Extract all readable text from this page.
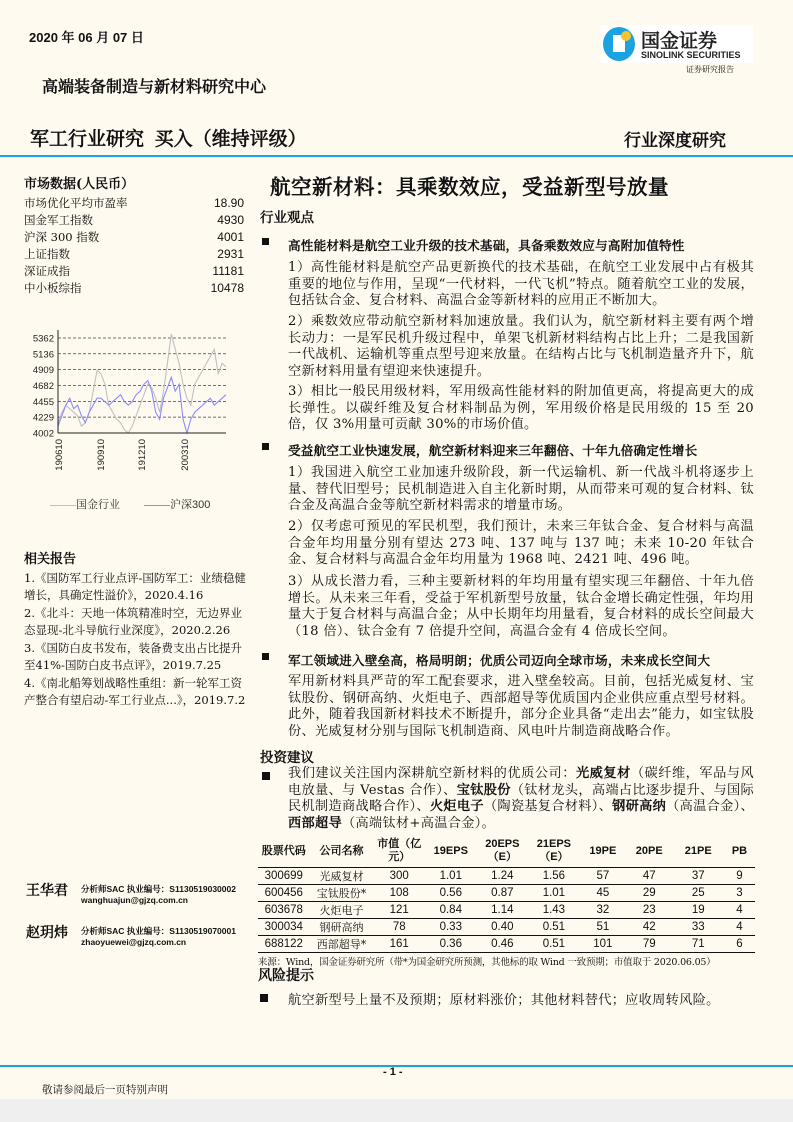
2020 年 06 月 07 日	国金证券
SINOLINK SECURITIES
证券研究报告
高端装备制造与新材料研究中心
军工行业研究 买入（维持评级）	行业深度研究
市场数据(人民币）
市场优化平均市盈率	18.90
国金军工指数	4930
沪深 300 指数	4001
上证指数	2931
深证成指	11181
中小板综指	10478
5362
5136
4909
4682
4455
4229
4002
190610	190910	191210	200310
国金行业	沪深300
相关报告
1.《国防军工行业点评-国防军工：业绩稳健增长，具确定性溢价》，2020.4.16
2.《北斗：天地一体筑精准时空，无边界业态显现-北斗导航行业深度》，2020.2.26
3.《国防白皮书发布，装备费支出占比提升至41%-国防白皮书点评》，2019.7.25
4.《南北船筹划战略性重组：新一轮军工资产整合有望启动-军工行业点...》，2019.7.2
王华君 分析师SAC 执业编号：S1130519030002
wanghuajun@gjzq.com.cn
赵玥炜 分析师SAC 执业编号：S1130519070001
zhaoyuewei@gjzq.com.cn
航空新材料：具乘数效应，受益新型号放量
行业观点
高性能材料是航空工业升级的技术基础，具备乘数效应与高附加值特性
1）高性能材料是航空产品更新换代的技术基础，在航空工业发展中占有极其重要的地位与作用，呈现“一代材料，一代飞机”特点。随着航空工业的发展，包括钛合金、复合材料、高温合金等新材料的应用正不断加大。
2）乘数效应带动航空新材料加速放量。我们认为，航空新材料主要有两个增长动力：一是军民机升级过程中，单架飞机新材料结构占比上升；二是我国新一代战机、运输机等重点型号迎来放量。在结构占比与飞机制造量齐升下，航空新材料用量有望迎来快速提升。
3）相比一般民用级材料，军用级高性能材料的附加值更高，将提高更大的成长弹性。以碳纤维及复合材料制品为例，军用级价格是民用级的 15 至 20 倍，仅 3%用量可贡献 30%的市场价值。
受益航空工业快速发展，航空新材料迎来三年翻倍、十年九倍确定性增长
1）我国进入航空工业加速升级阶段，新一代运输机、新一代战斗机将逐步上量、替代旧型号；民机制造进入自主化新时期，从而带来可观的复合材料、钛合金及高温合金等航空新材料需求的增量市场。
2）仅考虑可预见的军民机型，我们预计，未来三年钛合金、复合材料与高温合金年均用量分别有望达 273 吨、137 吨与 137 吨；未来 10-20 年钛合金、复合材料与高温合金年均用量为 1968 吨、2421 吨、496 吨。
3）从成长潜力看，三种主要新材料的年均用量有望实现三年翻倍、十年九倍增长。从未来三年看，受益于军机新型号放量，钛合金增长确定性强，年均用量大于复合材料与高温合金；从中长期年均用量看，复合材料的成长空间最大（18 倍）、钛合金有 7 倍提升空间，高温合金有 4 倍成长空间。
军工领域进入壁垒高，格局明朗；优质公司迈向全球市场，未来成长空间大
军用新材料具严苛的军工配套要求，进入壁垒较高。目前，包括光威复材、宝钛股份、钢研高纳、火炬电子、西部超导等优质国内企业供应重点型号材料。此外，随着我国新材料技术不断提升，部分企业具备“走出去”能力，如宝钛股份、光威复材分别与国际飞机制造商、风电叶片制造商战略合作。
投资建议
我们建议关注国内深耕航空新材料的优质公司：光威复材（碳纤维，军品与风电放量、与 Vestas 合作）、宝钛股份（钛材龙头，高端占比逐步提升、与国际民机制造商战略合作）、火炬电子（陶瓷基复合材料）、钢研高纳（高温合金）、西部超导（高端钛材+高温合金）。
股票代码	公司名称	市值（亿元）	19EPS	20EPS（E）	21EPS（E）	19PE	20PE	21PE	PB
300699	光威复材	300	1.01	1.24	1.56	57	47	37	9
600456	宝钛股份*	108	0.56	0.87	1.01	45	29	25	3
603678	火炬电子	121	0.84	1.14	1.43	32	23	19	4
300034	钢研高纳	78	0.33	0.40	0.51	51	42	33	4
688122	西部超导*	161	0.36	0.46	0.51	101	79	71	6
来源：Wind，国金证券研究所（带*为国金研究所预测，其他标的取 Wind 一致预期；市值取于 2020.06.05）
风险提示
航空新型号上量不及预期；原材料涨价；其他材料替代；应收周转风险。
- 1 -
敬请参阅最后一页特别声明
